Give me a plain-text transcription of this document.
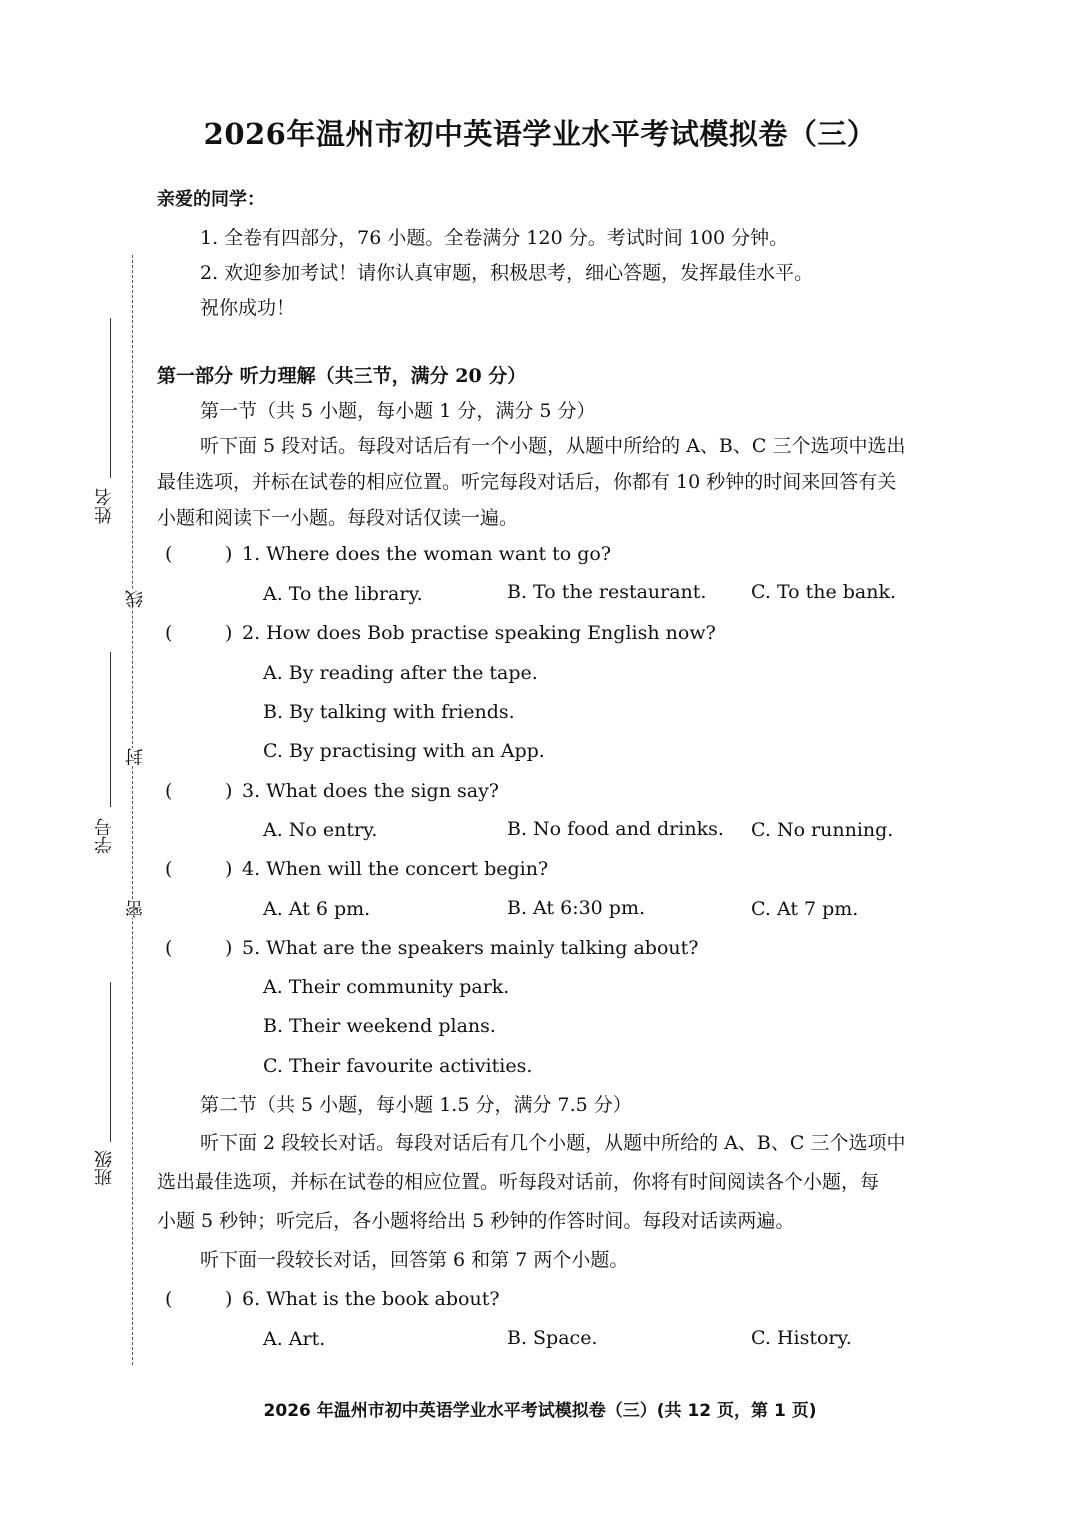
姓名
学号
班级
线
封
密
2026年温州市初中英语学业水平考试模拟卷（三）
亲爱的同学：
1. 全卷有四部分，76 小题。全卷满分 120 分。考试时间 100 分钟。
2. 欢迎参加考试！请你认真审题，积极思考，细心答题，发挥最佳水平。
祝你成功！
第一部分 听力理解（共三节，满分 20 分）
第一节（共 5 小题，每小题 1 分，满分 5 分）
听下面 5 段对话。每段对话后有一个小题，从题中所给的 A、B、C 三个选项中选出
最佳选项，并标在试卷的相应位置。听完每段对话后，你都有 10 秒钟的时间来回答有关
小题和阅读下一小题。每段对话仅读一遍。
(	) 1. Where does the woman want to go?
A. To the library.	B. To the restaurant. C. To the bank.
(	) 2. How does Bob practise speaking English now?
A. By reading after the tape.
B. By talking with friends.
C. By practising with an App.
(	) 3. What does the sign say?
A. No entry.	B. No food and drinks. C. No running.
(	) 4. When will the concert begin?
A. At 6 pm.	B. At 6:30 pm.	C. At 7 pm.
(	) 5. What are the speakers mainly talking about?
A. Their community park.
B. Their weekend plans.
C. Their favourite activities.
第二节（共 5 小题，每小题 1.5 分，满分 7.5 分）
听下面 2 段较长对话。每段对话后有几个小题，从题中所给的 A、B、C 三个选项中
选出最佳选项，并标在试卷的相应位置。听每段对话前，你将有时间阅读各个小题，每
小题 5 秒钟；听完后，各小题将给出 5 秒钟的作答时间。每段对话读两遍。
听下面一段较长对话，回答第 6 和第 7 两个小题。
(	) 6. What is the book about?
A. Art.	B. Space.	C. History.
2026 年温州市初中英语学业水平考试模拟卷（三）(共 12 页，第 1 页)
